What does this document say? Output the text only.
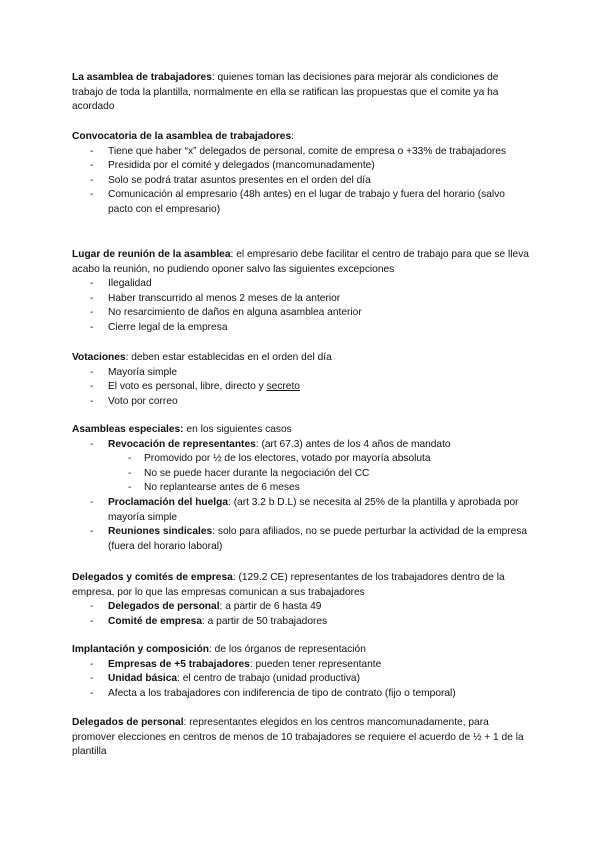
La asamblea de trabajadores: quienes toman las decisiones para mejorar als condiciones de trabajo de toda la plantilla, normalmente en ella se ratifican las propuestas que el comite ya ha acordado

Convocatoria de la asamblea de trabajadores:

- Tiene que haber “x” delegados de personal, comite de empresa o +33% de trabajadores
- Presidida por el comité y delegados (mancomunadamente)
- Solo se podrá tratar asuntos presentes en el orden del día
- Comunicación al empresario (48h antes) en el lugar de trabajo y fuera del horario (salvo pacto con el empresario)

Lugar de reunión de la asamblea: el empresario debe facilitar el centro de trabajo para que se lleva acabo la reunión, no pudiendo oponer salvo las siguientes excepciones

- Ilegalidad
- Haber transcurrido al menos 2 meses de la anterior
- No resarcimiento de daños en alguna asamblea anterior
- Cierre legal de la empresa

Votaciones: deben estar establecidas en el orden del día

- Mayoría simple
- El voto es personal, libre, directo y secreto
- Voto por correo

Asambleas especiales: en los siguientes casos

- Revocación de representantes: (art 67.3) antes de los 4 años de mandato
- Promovido por ½ de los electores, votado por mayoría absoluta
- No se puede hacer durante la negociación del CC
- No replantearse antes de 6 meses
- Proclamación del huelga: (art 3.2 b D.L) se necesita al 25% de la plantilla y aprobada por mayoría simple
- Reuniones sindicales: solo para afiliados, no se puede perturbar la actividad de la empresa (fuera del horario laboral)

Delegados y comités de empresa: (129.2 CE) representantes de los trabajadores dentro de la empresa, por lo que las empresas comunican a sus trabajadores

- Delegados de personal: a partir de 6 hasta 49
- Comité de empresa: a partir de 50 trabajadores

Implantación y composición: de los órganos de representación

- Empresas de +5 trabajadores: pueden tener representante
- Unidad básica: el centro de trabajo (unidad productiva)
- Afecta a los trabajadores con indiferencia de tipo de contrato (fijo o temporal)

Delegados de personal: representantes elegidos en los centros mancomunadamente, para promover elecciones en centros de menos de 10 trabajadores se requiere el acuerdo de ½ + 1 de la plantilla
